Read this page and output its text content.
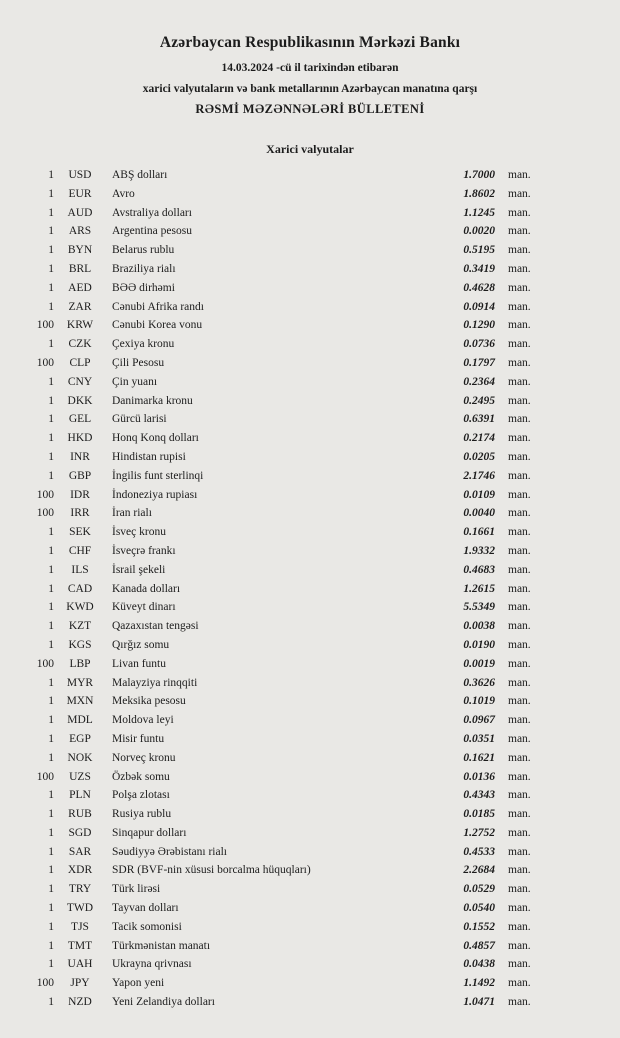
Azərbaycan Respublikasının Mərkəzi Bankı
14.03.2024 -cü il tarixindən etibarən
xarici valyutaların və bank metallarının Azərbaycan manatına qarşı
RƏSMİ MƏZƏNNƏLƏRİ BÜLLETENİ
Xarici valyutalar
1	USD	ABŞ dolları	1.7000	man.
1	EUR	Avro	1.8602	man.
1	AUD	Avstraliya dolları	1.1245	man.
1	ARS	Argentina pesosu	0.0020	man.
1	BYN	Belarus rublu	0.5195	man.
1	BRL	Braziliya rialı	0.3419	man.
1	AED	BƏƏ dirhəmi	0.4628	man.
1	ZAR	Cənubi Afrika randı	0.0914	man.
100	KRW	Cənubi Korea vonu	0.1290	man.
1	CZK	Çexiya kronu	0.0736	man.
100	CLP	Çili Pesosu	0.1797	man.
1	CNY	Çin yuanı	0.2364	man.
1	DKK	Danimarka kronu	0.2495	man.
1	GEL	Gürcü larisi	0.6391	man.
1	HKD	Honq Konq dolları	0.2174	man.
1	INR	Hindistan rupisi	0.0205	man.
1	GBP	İngilis funt sterlinqi	2.1746	man.
100	IDR	İndoneziya rupiası	0.0109	man.
100	IRR	İran rialı	0.0040	man.
1	SEK	İsveç kronu	0.1661	man.
1	CHF	İsveçrə frankı	1.9332	man.
1	ILS	İsrail şekeli	0.4683	man.
1	CAD	Kanada dolları	1.2615	man.
1	KWD	Küveyt dinarı	5.5349	man.
1	KZT	Qazaxıstan tengəsi	0.0038	man.
1	KGS	Qırğız somu	0.0190	man.
100	LBP	Livan funtu	0.0019	man.
1	MYR	Malayziya rinqqiti	0.3626	man.
1	MXN	Meksika pesosu	0.1019	man.
1	MDL	Moldova leyi	0.0967	man.
1	EGP	Misir funtu	0.0351	man.
1	NOK	Norveç kronu	0.1621	man.
100	UZS	Özbək somu	0.0136	man.
1	PLN	Polşa zlotası	0.4343	man.
1	RUB	Rusiya rublu	0.0185	man.
1	SGD	Sinqapur dolları	1.2752	man.
1	SAR	Səudiyyə Ərəbistanı rialı	0.4533	man.
1	XDR	SDR (BVF-nin xüsusi borcalma hüquqları)	2.2684	man.
1	TRY	Türk lirəsi	0.0529	man.
1	TWD	Tayvan dolları	0.0540	man.
1	TJS	Tacik somonisi	0.1552	man.
1	TMT	Türkmənistan manatı	0.4857	man.
1	UAH	Ukrayna qrivnası	0.0438	man.
100	JPY	Yapon yeni	1.1492	man.
1	NZD	Yeni Zelandiya dolları	1.0471	man.
